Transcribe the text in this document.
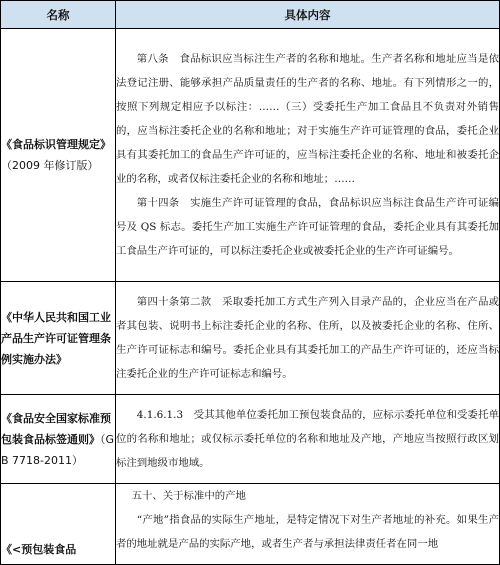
名称	具体内容
《食品标识管理规定》（2009 年修订版）	第八条　食品标识应当标注生产者的名称和地址。生产者名称和地址应当是依法登记注册、能够承担产品质量责任的生产者的名称、地址。有下列情形之一的，按照下列规定相应予以标注：……（三）受委托生产加工食品且不负责对外销售的，应当标注委托企业的名称和地址；对于实施生产许可证管理的食品，委托企业具有其委托加工的食品生产许可证的，应当标注委托企业的名称、地址和被委托企业的名称，或者仅标注委托企业的名称和地址；……

第十四条　实施生产许可证管理的食品，食品标识应当标注食品生产许可证编号及 QS 标志。委托生产加工实施生产许可证管理的食品，委托企业具有其委托加工食品生产许可证的，可以标注委托企业或被委托企业的生产许可证编号。

《中华人民共和国工业产品生产许可证管理条例实施办法》	第四十条第二款　采取委托加工方式生产列入目录产品的，企业应当在产品或者其包装、说明书上标注委托企业的名称、住所，以及被委托企业的名称、住所、生产许可证标志和编号。委托企业具有其委托加工的产品生产许可证的，还应当标注委托企业的生产许可证标志和编号。

《食品安全国家标准预包装食品标签通则》（GB 7718-2011）	4.1.6.1.3　受其其他单位委托加工预包装食品的，应标示委托单位和受委托单位的名称和地址；或仅标示委托单位的名称和地址及产地，产地应当按照行政区划标注到地级市地域。

《<预包装食品	五十、关于标准中的产地

“产地”指食品的实际生产地址，是特定情况下对生产者地址的补充。如果生产者的地址就是产品的实际产地，或者生产者与承担法律责任者在同一地
